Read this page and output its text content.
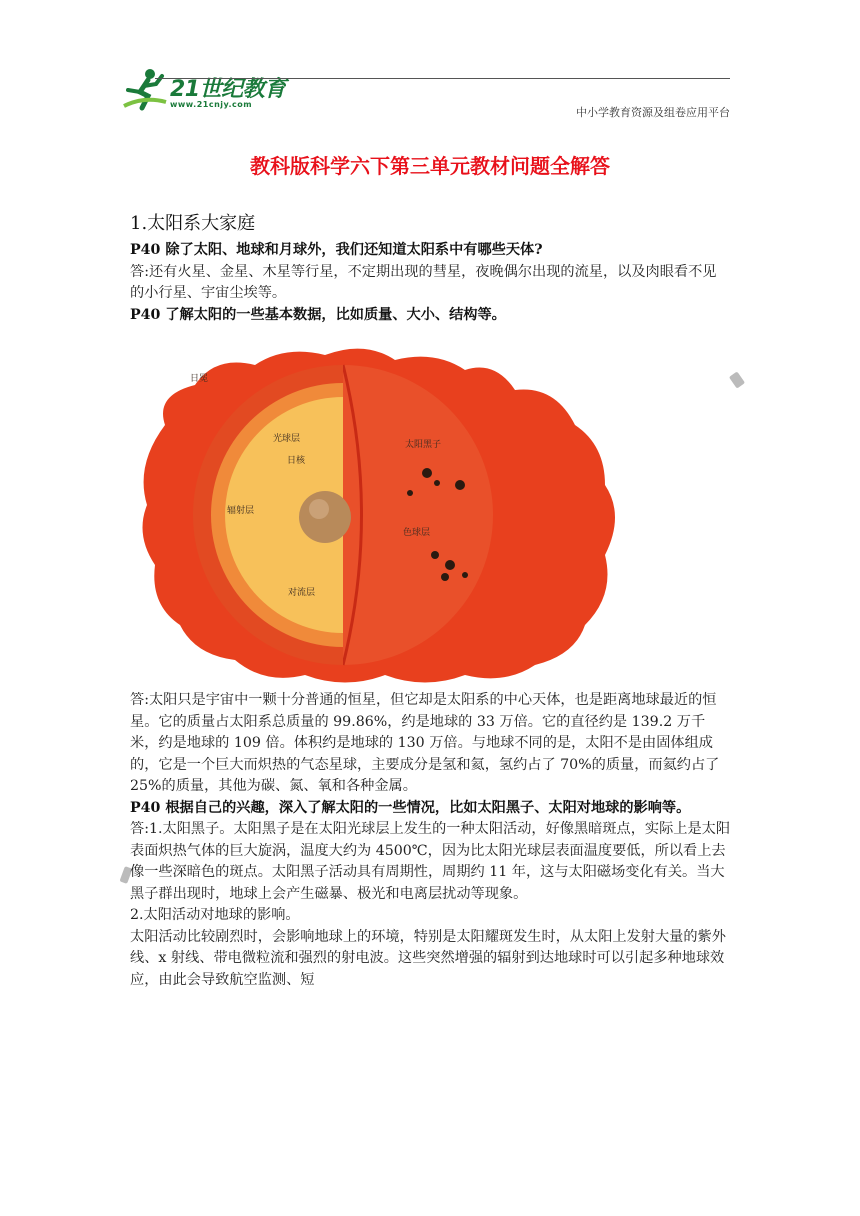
21世纪教育
www.21cnjy.com
中小学教育资源及组卷应用平台
教科版科学六下第三单元教材问题全解答
1.太阳系大家庭

P40 除了太阳、地球和月球外，我们还知道太阳系中有哪些天体?

答:还有火星、金星、木星等行星，不定期出现的彗星，夜晚偶尔出现的流星，以及肉眼看不见的小行星、宇宙尘埃等。

P40 了解太阳的一些基本数据，比如质量、大小、结构等。

日冕
光球层
日核
辐射层
对流层
太阳黑子
色球层

答:太阳只是宇宙中一颗十分普通的恒星，但它却是太阳系的中心天体，也是距离地球最近的恒星。它的质量占太阳系总质量的 99.86%，约是地球的 33 万倍。它的直径约是 139.2 万千米，约是地球的 109 倍。体积约是地球的 130 万倍。与地球不同的是，太阳不是由固体组成的，它是一个巨大而炽热的气态星球，主要成分是氢和氦，氢约占了 70%的质量，而氦约占了 25%的质量，其他为碳、氮、氧和各种金属。

P40 根据自己的兴趣，深入了解太阳的一些情况，比如太阳黑子、太阳对地球的影响等。

答:1.太阳黑子。太阳黑子是在太阳光球层上发生的一种太阳活动，好像黑暗斑点，实际上是太阳表面炽热气体的巨大旋涡，温度大约为 4500℃，因为比太阳光球层表面温度要低，所以看上去像一些深暗色的斑点。太阳黑子活动具有周期性，周期约 11 年，这与太阳磁场变化有关。当大黑子群出现时，地球上会产生磁暴、极光和电离层扰动等现象。

2.太阳活动对地球的影响。

太阳活动比较剧烈时，会影响地球上的环境，特别是太阳耀斑发生时，从太阳上发射大量的紫外线、x 射线、带电微粒流和强烈的射电波。这些突然增强的辐射到达地球时可以引起多种地球效应，由此会导致航空监测、短
